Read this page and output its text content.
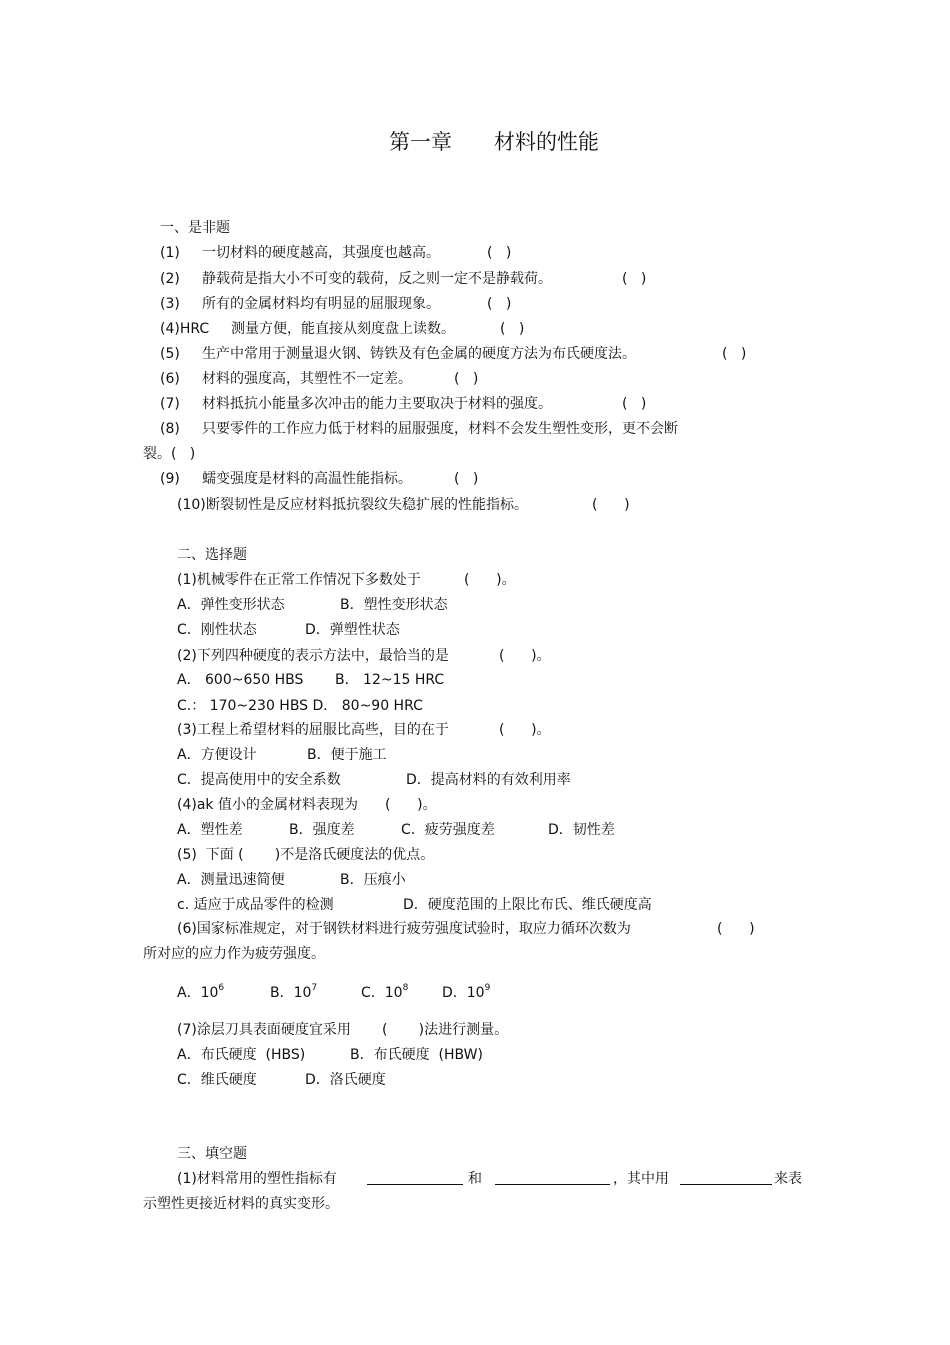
第一章 材料的性能
一、是非题
(1) 一切材料的硬度越高，其强度也越高。	(   )
(2) 静载荷是指大小不可变的载荷，反之则一定不是静载荷。	(   )
(3) 所有的金属材料均有明显的屈服现象。	(   )
(4)HRC 测量方便，能直接从刻度盘上读数。	(   )
(5) 生产中常用于测量退火钢、铸铁及有色金属的硬度方法为布氏硬度法。	(   )
(6) 材料的强度高，其塑性不一定差。	(   )
(7) 材料抵抗小能量多次冲击的能力主要取决于材料的强度。	(   )
(8) 只要零件的工作应力低于材料的屈服强度，材料不会发生塑性变形，更不会断
裂。(   )
(9) 蠕变强度是材料的高温性能指标。	(   )
(10) 断裂韧性是反应材料抵抗裂纹失稳扩展的性能指标。	(      )
二、选择题
(1)机械零件在正常工作情况下多数处于	(      )。
A．弹性变形状态	B．塑性变形状态
C．刚性状态	D．弹塑性状态
(2)下列四种硬度的表示方法中，最恰当的是	(      )。
A． 600~650 HBS B． 12~15 HRC
C.： 170~230 HBS D． 80~90 HRC
(3)工程上希望材料的屈服比高些，目的在于	(      )。
A．方便设计	B．便于施工
C．提高使用中的安全系数	D．提高材料的有效利用率
(4)ak 值小的金属材料表现为 (      )。
A．塑性差	B．强度差	C．疲劳强度差	D．韧性差
(5)  下面 (       )不是洛氏硬度法的优点。
A．测量迅速简便	B．压痕小
c. 适应于成品零件的检测	D．硬度范围的上限比布氏、维氏硬度高
(6)国家标准规定，对于钢铁材料进行疲劳强度试验时，取应力循环次数为	(      )
所对应的应力作为疲劳强度。
A．$10^6$	B．$10^7$	C．$10^8$ D．$10^9$
(7)涂层刀具表面硬度宜采用 (       )法进行测量。
A．布氏硬度  (HBS)	B．布氏硬度  (HBW)
C．维氏硬度	D．洛氏硬度
三、填空题
(1)材料常用的塑性指标有	和	，其中用	来表
示塑性更接近材料的真实变形。
